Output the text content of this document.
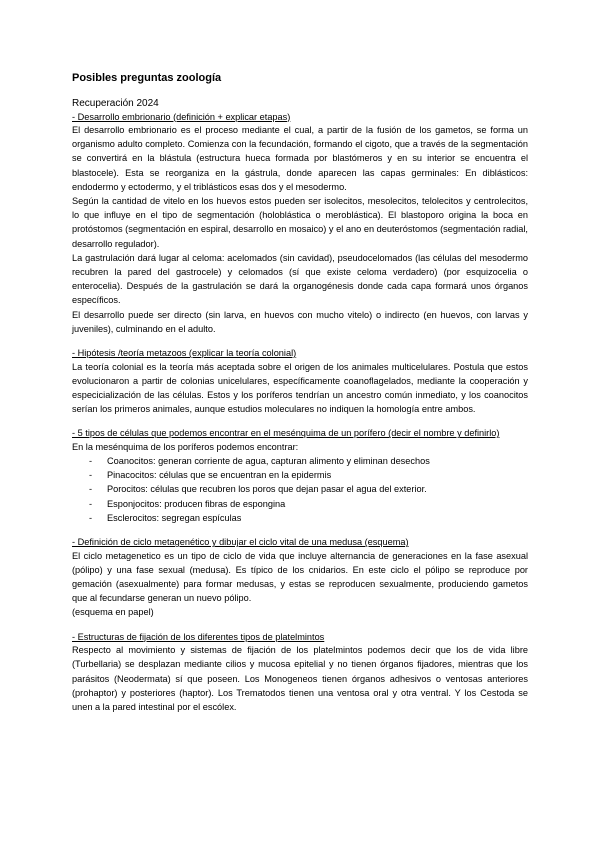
Posibles preguntas zoología

Recuperación 2024

- Desarrollo embrionario (definición + explicar etapas)

El desarrollo embrionario es el proceso mediante el cual, a partir de la fusión de los gametos, se forma un organismo adulto completo. Comienza con la fecundación, formando el cigoto, que a través de la segmentación se convertirá en la blástula (estructura hueca formada por blastómeros y en su interior se encuentra el blastocele). Esta se reorganiza en la gástrula, donde aparecen las capas germinales: En diblásticos: endodermo y ectodermo, y el triblásticos esas dos y el mesodermo.

Según la cantidad de vitelo en los huevos estos pueden ser isolecitos, mesolecitos, telolecitos y centrolecitos, lo que influye en el tipo de segmentación (holoblástica o meroblástica). El blastoporo origina la boca en protóstomos (segmentación en espiral, desarrollo en mosaico) y el ano en deuteróstomos (segmentación radial, desarrollo regulador).

La gastrulación dará lugar al celoma: acelomados (sin cavidad), pseudocelomados (las células del mesodermo recubren la pared del gastrocele) y celomados (sí que existe celoma verdadero) (por esquizocelia o enterocelia). Después de la gastrulación se dará la organogénesis donde cada capa formará unos órganos específicos.

El desarrollo puede ser directo (sin larva, en huevos con mucho vitelo) o indirecto (en huevos, con larvas y juveniles), culminando en el adulto.

- Hipótesis /teoría metazoos (explicar la teoría colonial)

La teoría colonial es la teoría más aceptada sobre el origen de los animales multicelulares. Postula que estos evolucionaron a partir de colonias unicelulares, específicamente coanoflagelados, mediante la cooperación y especicialización de las células. Estos y los poríferos tendrían un ancestro común inmediato, y los coanocitos serían los primeros animales, aunque estudios moleculares no indiquen la homología entre ambos.

- 5 tipos de células que podemos encontrar en el mesénquima de un porífero (decir el nombre y definirlo)

En la mesénquima de los poríferos podemos encontrar:

- Coanocitos: generan corriente de agua, capturan alimento y eliminan desechos
- Pinacocitos: células que se encuentran en la epidermis
- Porocitos: células que recubren los poros que dejan pasar el agua del exterior.
- Esponjocitos: producen fibras de espongina
- Esclerocitos: segregan espículas

- Definición de ciclo metagenético y dibujar el ciclo vital de una medusa (esquema)

El ciclo metagenetico es un tipo de ciclo de vida que incluye alternancia de generaciones en la fase asexual (pólipo) y una fase sexual (medusa). Es típico de los cnidarios. En este ciclo el pólipo se reproduce por gemación (asexualmente) para formar medusas, y estas se reproducen sexualmente, produciendo gametos que al fecundarse generan un nuevo pólipo.

(esquema en papel)

- Estructuras de fijación de los diferentes tipos de platelmintos

Respecto al movimiento y sistemas de fijación de los platelmintos podemos decir que los de vida libre (Turbellaria) se desplazan mediante cilios y mucosa epitelial y no tienen órganos fijadores, mientras que los parásitos (Neodermata) sí que poseen. Los Monogeneos tienen órganos adhesivos o ventosas anteriores (prohaptor) y posteriores (haptor). Los Trematodos tienen una ventosa oral y otra ventral. Y los Cestoda se unen a la pared intestinal por el escólex.
